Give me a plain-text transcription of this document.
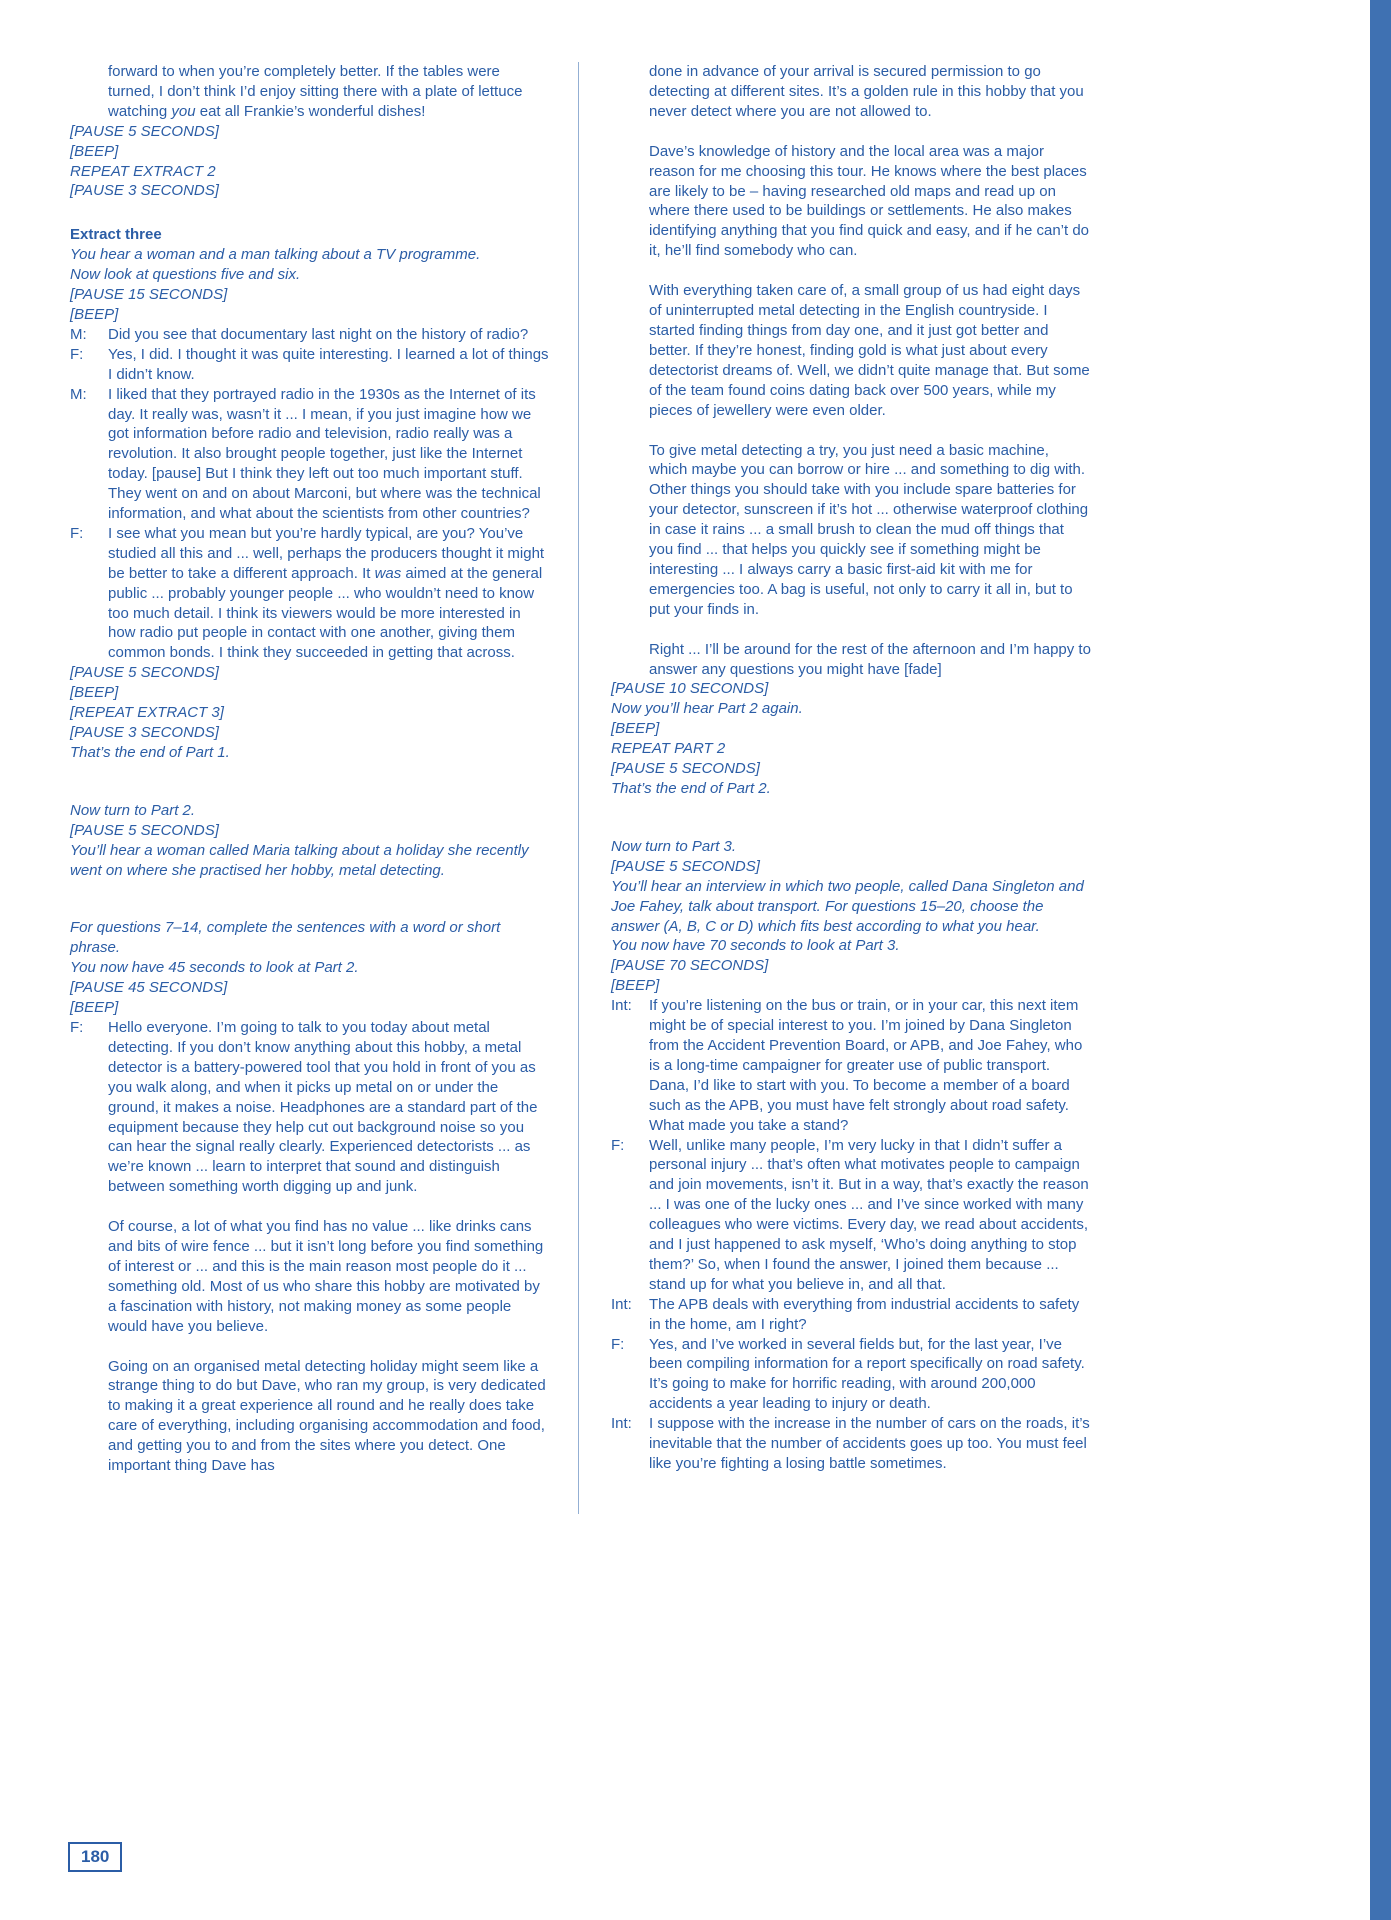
forward to when you’re completely better. If the tables were turned, I don’t think I’d enjoy sitting there with a plate of lettuce watching you eat all Frankie’s wonderful dishes!
[PAUSE 5 SECONDS]
[BEEP]
REPEAT EXTRACT 2
[PAUSE 3 SECONDS]
Extract three
You hear a woman and a man talking about a TV programme.
Now look at questions five and six.
[PAUSE 15 SECONDS]
[BEEP]
M: Did you see that documentary last night on the history of radio?
F: Yes, I did. I thought it was quite interesting. I learned a lot of things I didn’t know.
M: I liked that they portrayed radio in the 1930s as the Internet of its day. It really was, wasn’t it ... I mean, if you just imagine how we got information before radio and television, radio really was a revolution. It also brought people together, just like the Internet today. [pause] But I think they left out too much important stuff. They went on and on about Marconi, but where was the technical information, and what about the scientists from other countries?
F: I see what you mean but you’re hardly typical, are you? You’ve studied all this and ... well, perhaps the producers thought it might be better to take a different approach. It was aimed at the general public ... probably younger people ... who wouldn’t need to know too much detail. I think its viewers would be more interested in how radio put people in contact with one another, giving them common bonds. I think they succeeded in getting that across.
[PAUSE 5 SECONDS]
[BEEP]
[REPEAT EXTRACT 3]
[PAUSE 3 SECONDS]
That’s the end of Part 1.
Now turn to Part 2.
[PAUSE 5 SECONDS]
You’ll hear a woman called Maria talking about a holiday she recently went on where she practised her hobby, metal detecting.
For questions 7–14, complete the sentences with a word or short phrase.
You now have 45 seconds to look at Part 2.
[PAUSE 45 SECONDS]
[BEEP]
F: Hello everyone. I’m going to talk to you today about metal detecting. If you don’t know anything about this hobby, a metal detector is a battery-powered tool that you hold in front of you as you walk along, and when it picks up metal on or under the ground, it makes a noise. Headphones are a standard part of the equipment because they help cut out background noise so you can hear the signal really clearly. Experienced detectorists ... as we’re known ... learn to interpret that sound and distinguish between something worth digging up and junk.
Of course, a lot of what you find has no value ... like drinks cans and bits of wire fence ... but it isn’t long before you find something of interest or ... and this is the main reason most people do it ... something old. Most of us who share this hobby are motivated by a fascination with history, not making money as some people would have you believe.
Going on an organised metal detecting holiday might seem like a strange thing to do but Dave, who ran my group, is very dedicated to making it a great experience all round and he really does take care of everything, including organising accommodation and food, and getting you to and from the sites where you detect. One important thing Dave has
done in advance of your arrival is secured permission to go detecting at different sites. It’s a golden rule in this hobby that you never detect where you are not allowed to.
Dave’s knowledge of history and the local area was a major reason for me choosing this tour. He knows where the best places are likely to be – having researched old maps and read up on where there used to be buildings or settlements. He also makes identifying anything that you find quick and easy, and if he can’t do it, he’ll find somebody who can.
With everything taken care of, a small group of us had eight days of uninterrupted metal detecting in the English countryside. I started finding things from day one, and it just got better and better. If they’re honest, finding gold is what just about every detectorist dreams of. Well, we didn’t quite manage that. But some of the team found coins dating back over 500 years, while my pieces of jewellery were even older.
To give metal detecting a try, you just need a basic machine, which maybe you can borrow or hire ... and something to dig with. Other things you should take with you include spare batteries for your detector, sunscreen if it’s hot ... otherwise waterproof clothing in case it rains ... a small brush to clean the mud off things that you find ... that helps you quickly see if something might be interesting ... I always carry a basic first-aid kit with me for emergencies too. A bag is useful, not only to carry it all in, but to put your finds in.
Right ... I’ll be around for the rest of the afternoon and I’m happy to answer any questions you might have [fade]
[PAUSE 10 SECONDS]
Now you’ll hear Part 2 again.
[BEEP]
REPEAT PART 2
[PAUSE 5 SECONDS]
That’s the end of Part 2.
Now turn to Part 3.
[PAUSE 5 SECONDS]
You’ll hear an interview in which two people, called Dana Singleton and Joe Fahey, talk about transport. For questions 15–20, choose the answer (A, B, C or D) which fits best according to what you hear.
You now have 70 seconds to look at Part 3.
[PAUSE 70 SECONDS]
[BEEP]
Int: If you’re listening on the bus or train, or in your car, this next item might be of special interest to you. I’m joined by Dana Singleton from the Accident Prevention Board, or APB, and Joe Fahey, who is a long-time campaigner for greater use of public transport. Dana, I’d like to start with you. To become a member of a board such as the APB, you must have felt strongly about road safety. What made you take a stand?
F: Well, unlike many people, I’m very lucky in that I didn’t suffer a personal injury ... that’s often what motivates people to campaign and join movements, isn’t it. But in a way, that’s exactly the reason ... I was one of the lucky ones ... and I’ve since worked with many colleagues who were victims. Every day, we read about accidents, and I just happened to ask myself, ‘Who’s doing anything to stop them?’ So, when I found the answer, I joined them because ... stand up for what you believe in, and all that.
Int: The APB deals with everything from industrial accidents to safety in the home, am I right?
F: Yes, and I’ve worked in several fields but, for the last year, I’ve been compiling information for a report specifically on road safety. It’s going to make for horrific reading, with around 200,000 accidents a year leading to injury or death.
Int: I suppose with the increase in the number of cars on the roads, it’s inevitable that the number of accidents goes up too. You must feel like you’re fighting a losing battle sometimes.
180
